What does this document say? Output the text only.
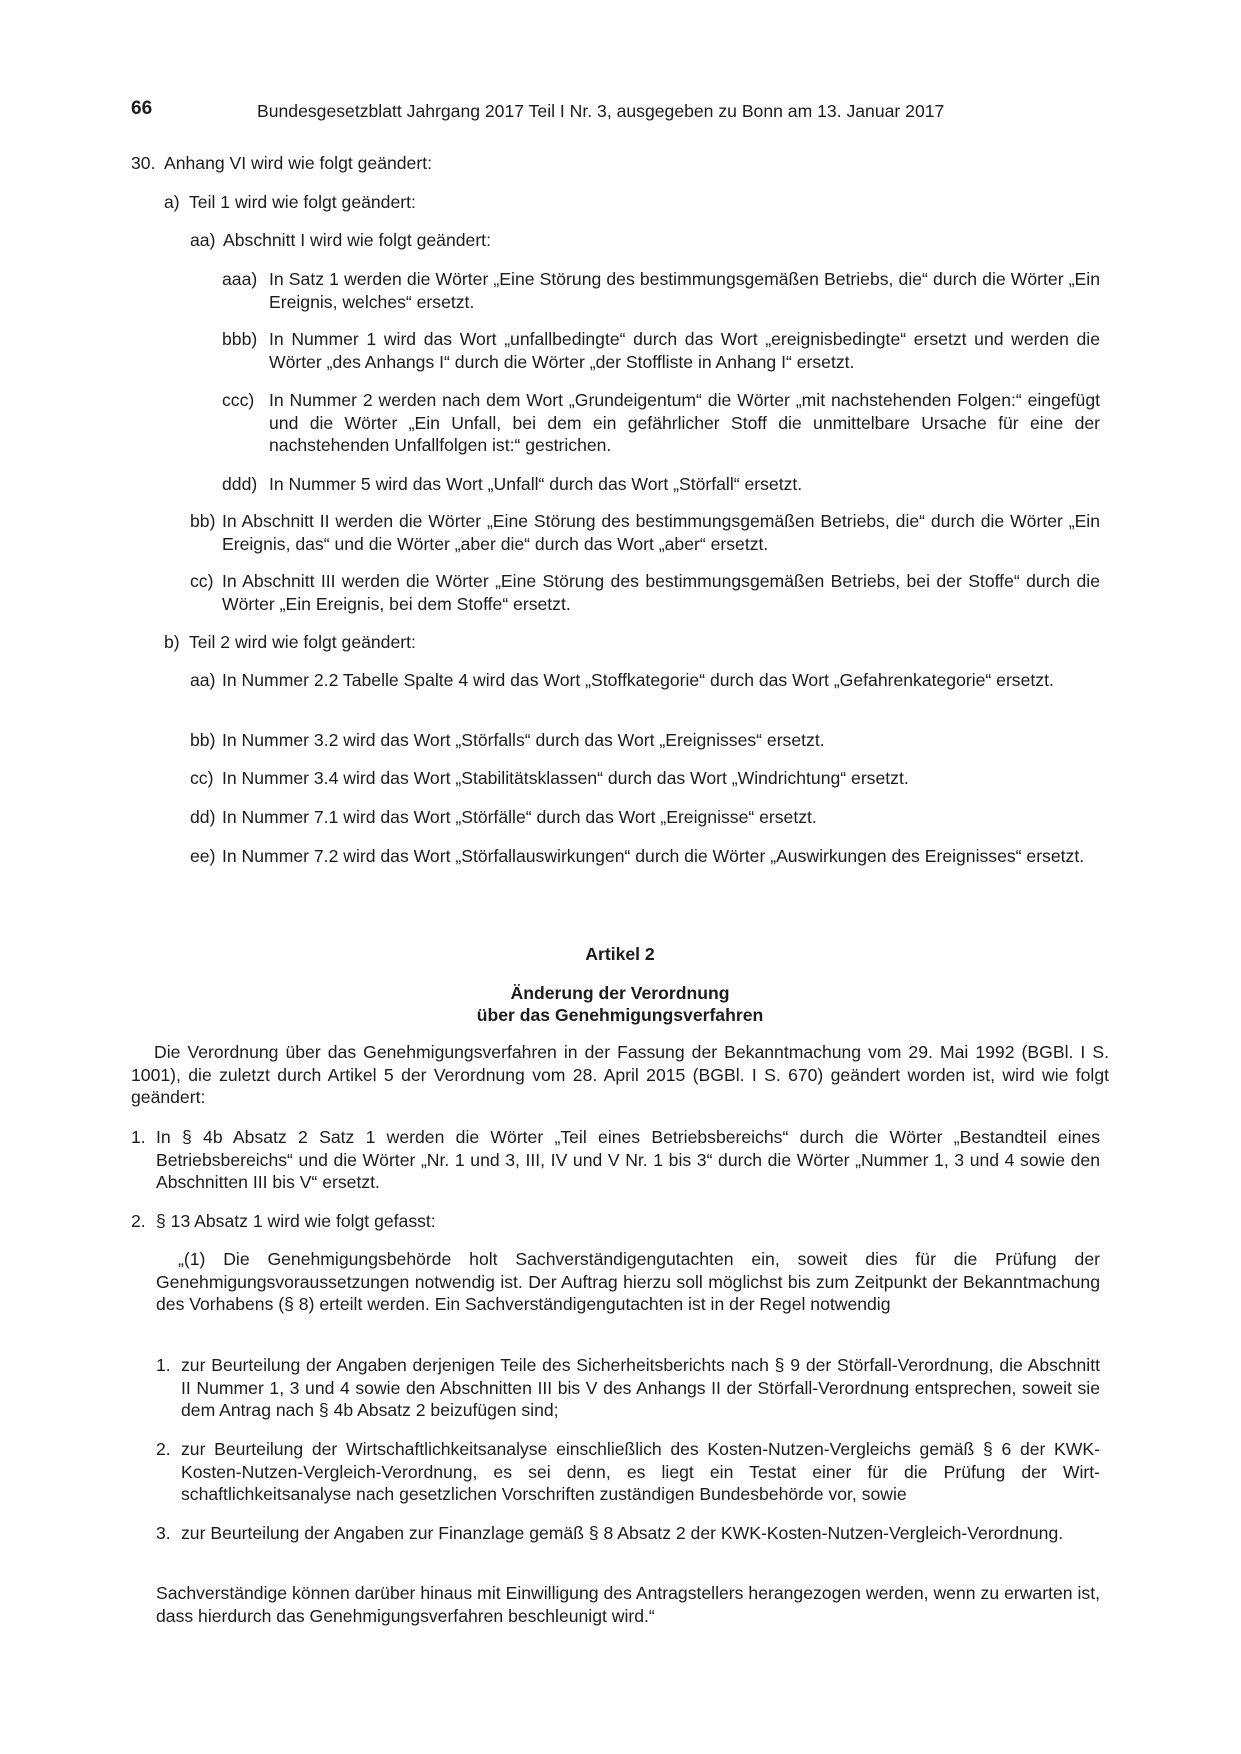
66	Bundesgesetzblatt Jahrgang 2017 Teil I Nr. 3, ausgegeben zu Bonn am 13. Januar 2017
30. Anhang VI wird wie folgt geändert:
a) Teil 1 wird wie folgt geändert:
aa) Abschnitt I wird wie folgt geändert:
aaa) In Satz 1 werden die Wörter „Eine Störung des bestimmungsgemäßen Betriebs, die“ durch die Wörter „Ein Ereignis, welches“ ersetzt.
bbb) In Nummer 1 wird das Wort „unfallbedingte“ durch das Wort „ereignisbedingte“ ersetzt und werden die Wörter „des Anhangs I“ durch die Wörter „der Stoffliste in Anhang I“ ersetzt.
ccc) In Nummer 2 werden nach dem Wort „Grundeigentum“ die Wörter „mit nachstehenden Folgen:“ eingefügt und die Wörter „Ein Unfall, bei dem ein gefährlicher Stoff die unmittelbare Ursache für eine der nachstehenden Unfallfolgen ist:“ gestrichen.
ddd) In Nummer 5 wird das Wort „Unfall“ durch das Wort „Störfall“ ersetzt.
bb) In Abschnitt II werden die Wörter „Eine Störung des bestimmungsgemäßen Betriebs, die“ durch die Wörter „Ein Ereignis, das“ und die Wörter „aber die“ durch das Wort „aber“ ersetzt.
cc) In Abschnitt III werden die Wörter „Eine Störung des bestimmungsgemäßen Betriebs, bei der Stoffe“ durch die Wörter „Ein Ereignis, bei dem Stoffe“ ersetzt.
b) Teil 2 wird wie folgt geändert:
aa) In Nummer 2.2 Tabelle Spalte 4 wird das Wort „Stoffkategorie“ durch das Wort „Gefahrenkategorie“ ersetzt.
bb) In Nummer 3.2 wird das Wort „Störfalls“ durch das Wort „Ereignisses“ ersetzt.
cc) In Nummer 3.4 wird das Wort „Stabilitätsklassen“ durch das Wort „Windrichtung“ ersetzt.
dd) In Nummer 7.1 wird das Wort „Störfälle“ durch das Wort „Ereignisse“ ersetzt.
ee) In Nummer 7.2 wird das Wort „Störfallauswirkungen“ durch die Wörter „Auswirkungen des Ereignisses“ ersetzt.
Artikel 2
Änderung der Verordnung
über das Genehmigungsverfahren
Die Verordnung über das Genehmigungsverfahren in der Fassung der Bekanntmachung vom 29. Mai 1992 (BGBl. I S. 1001), die zuletzt durch Artikel 5 der Verordnung vom 28. April 2015 (BGBl. I S. 670) geändert worden ist, wird wie folgt geändert:
1. In § 4b Absatz 2 Satz 1 werden die Wörter „Teil eines Betriebsbereichs“ durch die Wörter „Bestandteil eines Betriebsbereichs“ und die Wörter „Nr. 1 und 3, III, IV und V Nr. 1 bis 3“ durch die Wörter „Nummer 1, 3 und 4 sowie den Abschnitten III bis V“ ersetzt.
2. § 13 Absatz 1 wird wie folgt gefasst:
„(1) Die Genehmigungsbehörde holt Sachverständigengutachten ein, soweit dies für die Prüfung der Genehmigungsvoraussetzungen notwendig ist. Der Auftrag hierzu soll möglichst bis zum Zeitpunkt der Bekanntmachung des Vorhabens (§ 8) erteilt werden. Ein Sachverständigengutachten ist in der Regel notwendig
1. zur Beurteilung der Angaben derjenigen Teile des Sicherheitsberichts nach § 9 der Störfall-Verordnung, die Abschnitt II Nummer 1, 3 und 4 sowie den Abschnitten III bis V des Anhangs II der Störfall-Verordnung entsprechen, soweit sie dem Antrag nach § 4b Absatz 2 beizufügen sind;
2. zur Beurteilung der Wirtschaftlichkeitsanalyse einschließlich des Kosten-Nutzen-Vergleichs gemäß § 6 der KWK-Kosten-Nutzen-Vergleich-Verordnung, es sei denn, es liegt ein Testat einer für die Prüfung der Wirtschaftlichkeitsanalyse nach gesetzlichen Vorschriften zuständigen Bundesbehörde vor, sowie
3. zur Beurteilung der Angaben zur Finanzlage gemäß § 8 Absatz 2 der KWK-Kosten-Nutzen-Vergleich-Verordnung.
Sachverständige können darüber hinaus mit Einwilligung des Antragstellers herangezogen werden, wenn zu erwarten ist, dass hierdurch das Genehmigungsverfahren beschleunigt wird.“
